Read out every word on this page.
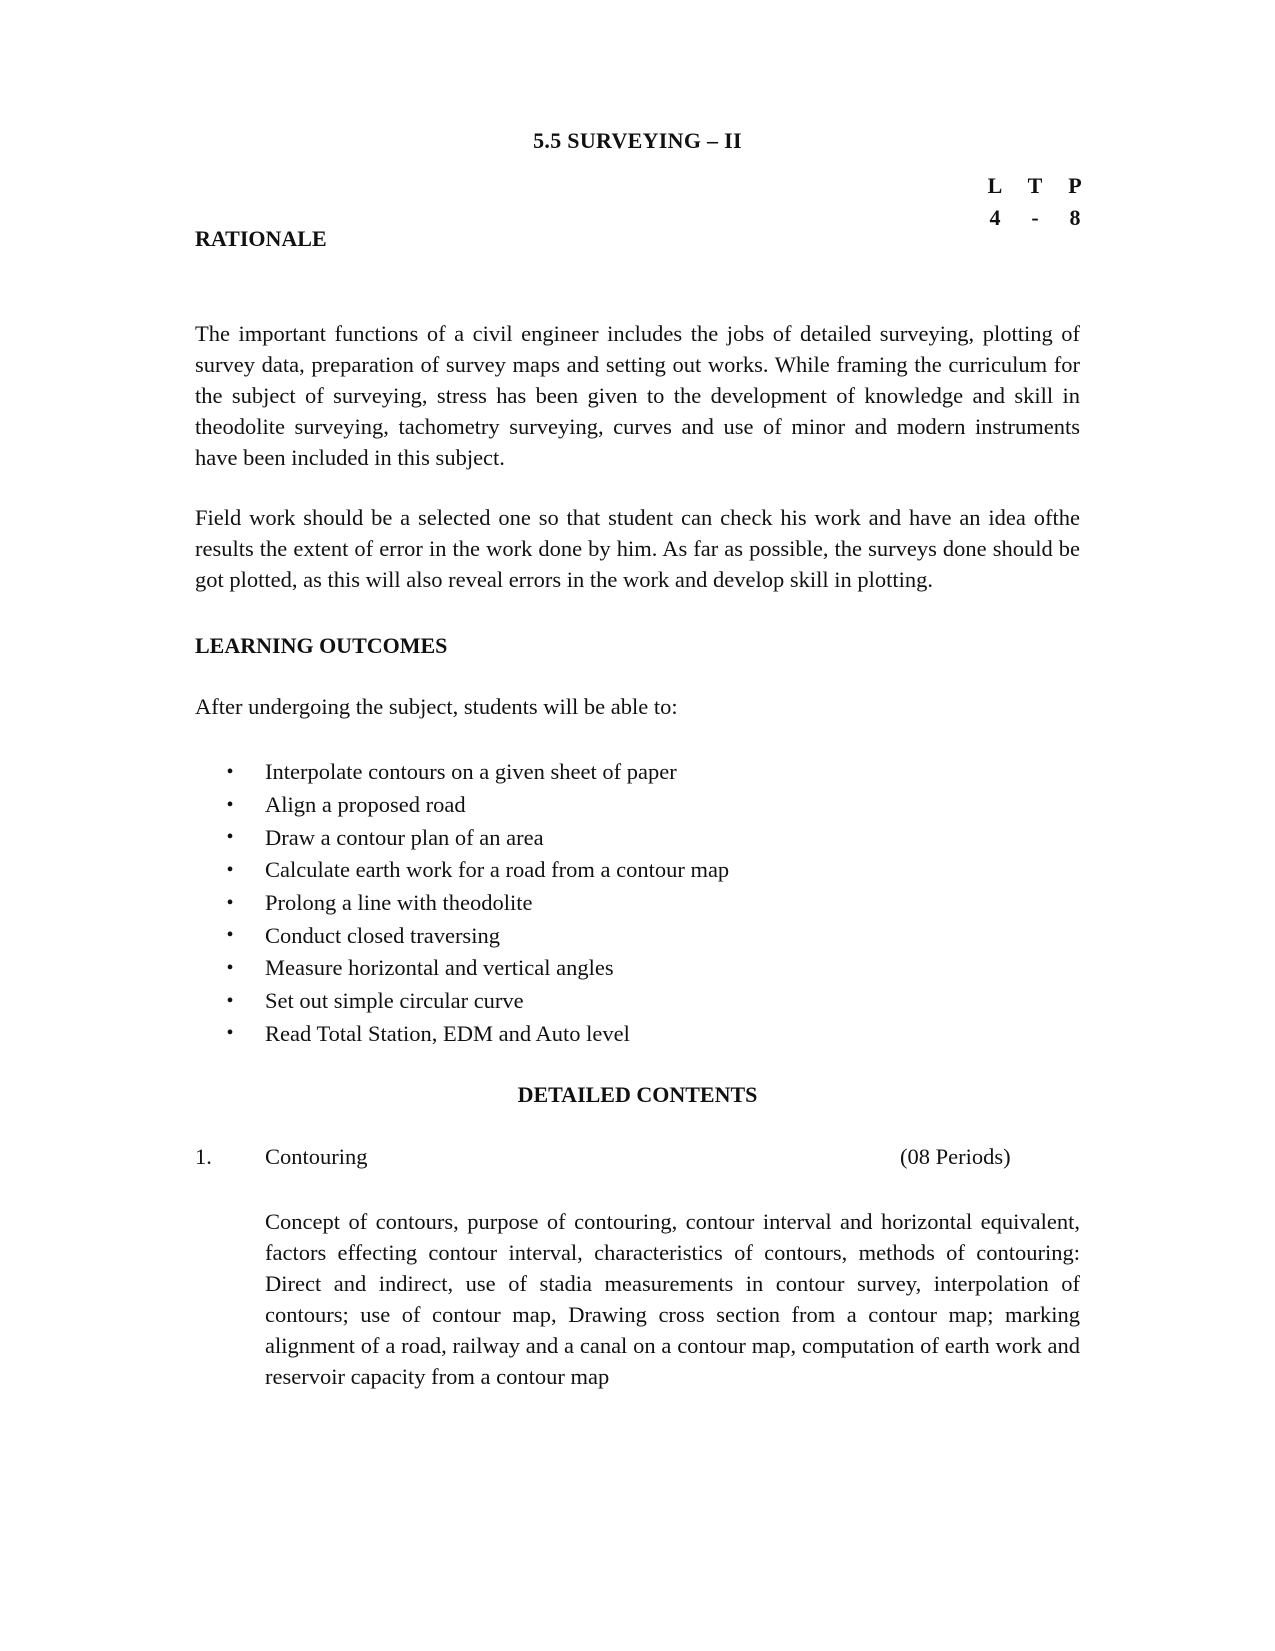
5.5 SURVEYING – II
L	T	P
4	-	8
RATIONALE

The important functions of a civil engineer includes the jobs of detailed surveying, plotting of survey data, preparation of survey maps and setting out works. While framing the curriculum for the subject of surveying, stress has been given to the development of knowledge and skill in theodolite surveying, tachometry surveying, curves and use of minor and modern instruments have been included in this subject.

Field work should be a selected one so that student can check his work and have an idea ofthe results the extent of error in the work done by him. As far as possible, the surveys done should be got plotted, as this will also reveal errors in the work and develop skill in plotting.

LEARNING OUTCOMES
After undergoing the subject, students will be able to:
•	Interpolate contours on a given sheet of paper
•	Align a proposed road
•	Draw a contour plan of an area
•	Calculate earth work for a road from a contour map
•	Prolong a line with theodolite
•	Conduct closed traversing
•	Measure horizontal and vertical angles
•	Set out simple circular curve
•	Read Total Station, EDM and Auto level
DETAILED CONTENTS
1. Contouring	(08 Periods)

Concept of contours, purpose of contouring, contour interval and horizontal equivalent, factors effecting contour interval, characteristics of contours, methods of contouring: Direct and indirect, use of stadia measurements in contour survey, interpolation of contours; use of contour map, Drawing cross section from a contour map; marking alignment of a road, railway and a canal on a contour map, computation of earth work and reservoir capacity from a contour map
